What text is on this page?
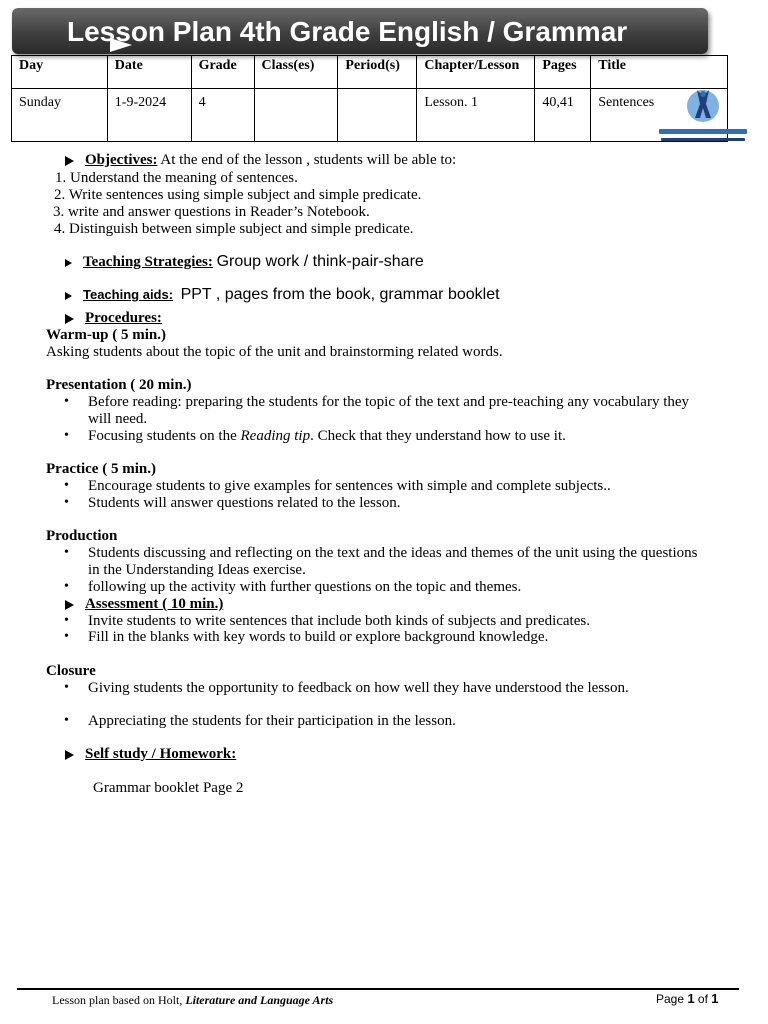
Lesson Plan 4th Grade English / Grammar
Day	Date	Grade	Class(es)	Period(s)	Chapter/Lesson	Pages	Title
Sunday	1-9-2024	4			Lesson. 1	40,41	Sentences
Objectives: At the end of the lesson , students will be able to:
1. Understand the meaning of sentences.
2. Write sentences using simple subject and simple predicate.
3. write and answer questions in Reader’s Notebook.
4. Distinguish between simple subject and simple predicate.
Teaching Strategies: Group work / think-pair-share
Teaching aids: PPT , pages from the book, grammar booklet
Procedures:
Warm-up ( 5 min.)
Asking students about the topic of the unit and brainstorming related words.
Presentation ( 20 min.)
• Before reading: preparing the students for the topic of the text and pre-teaching any vocabulary they
will need.
• Focusing students on the Reading tip. Check that they understand how to use it.
Practice ( 5 min.)
• Encourage students to give examples for sentences with simple and complete subjects..
• Students will answer questions related to the lesson.
Production
• Students discussing and reflecting on the text and the ideas and themes of the unit using the questions
in the Understanding Ideas exercise.
• following up the activity with further questions on the topic and themes.
Assessment ( 10 min.)
• Invite students to write sentences that include both kinds of subjects and predicates.
• Fill in the blanks with key words to build or explore background knowledge.
Closure
• Giving students the opportunity to feedback on how well they have understood the lesson.
• Appreciating the students for their participation in the lesson.
Self study / Homework:
Grammar booklet Page 2
Lesson plan based on Holt, Literature and Language Arts	Page 1 of 1
